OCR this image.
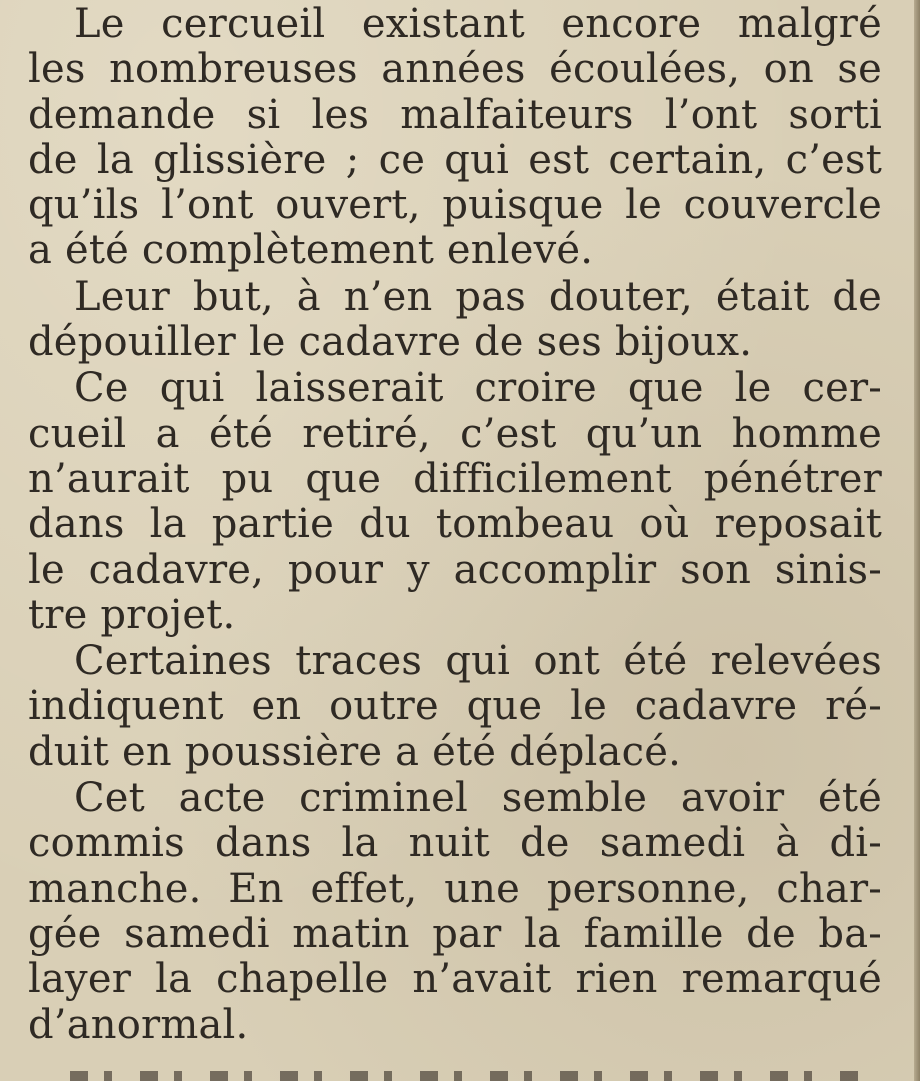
Le cercueil existant encore malgré
les nombreuses années écoulées, on se
demande si les malfaiteurs l’ont sorti
de la glissière ; ce qui est certain, c’est
qu’ils l’ont ouvert, puisque le couvercle
a été complètement enlevé.

Leur but, à n’en pas douter, était de
dépouiller le cadavre de ses bijoux.

Ce qui laisserait croire que le cer-
cueil a été retiré, c’est qu’un homme
n’aurait pu que difficilement pénétrer
dans la partie du tombeau où reposait
le cadavre, pour y accomplir son sinis-
tre projet.

Certaines traces qui ont été relevées
indiquent en outre que le cadavre ré-
duit en poussière a été déplacé.

Cet acte criminel semble avoir été
commis dans la nuit de samedi à di-
manche. En effet, une personne, char-
gée samedi matin par la famille de ba-
layer la chapelle n’avait rien remarqué
d’anormal.
